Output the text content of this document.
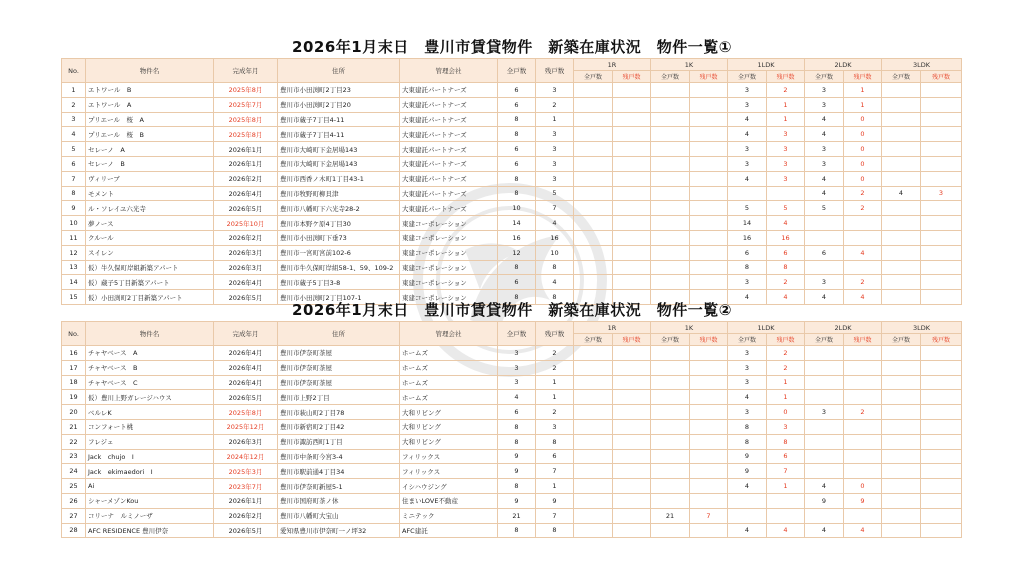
2026年1月末日　豊川市賃貸物件　新築在庫状況　物件一覧①
No.	物件名	完成年月	住所	管理会社	全戸数	残戸数	1R		1K		1LDK		2LDK		3LDK	
							全戸数	残戸数	全戸数	残戸数	全戸数	残戸数	全戸数	残戸数	全戸数	残戸数
1	エトワール　B	2025年8月	豊川市小田渕町2丁目23	大東建託パートナーズ	6	3					3	2	3	1		
2	エトワール　A	2025年7月	豊川市小田渕町2丁目20	大東建託パートナーズ	6	2					3	1	3	1		
3	プリエール　桜　A	2025年8月	豊川市蔵子7丁目4-11	大東建託パートナーズ	8	1					4	1	4	0		
4	プリエール　桜　B	2025年8月	豊川市蔵子7丁目4-11	大東建託パートナーズ	8	3					4	3	4	0		
5	セレーノ　A	2026年1月	豊川市大崎町下金居場143	大東建託パートナーズ	6	3					3	3	3	0		
6	セレーノ　B	2026年1月	豊川市大崎町下金居場143	大東建託パートナーズ	6	3					3	3	3	0		
7	ヴィリーブ	2026年2月	豊川市西香ノ木町1丁目43-1	大東建託パートナーズ	8	3					4	3	4	0		
8	モメント	2026年4月	豊川市牧野町柳貝津	大東建託パートナーズ	8	5							4	2	4	3
9	ル・ソレイユ六光寺	2026年5月	豊川市八幡町下六光寺28-2	大東建託パートナーズ	10	7					5	5	5	2		
10	夢ノース	2025年10月	豊川市本野ケ原4丁目30	東建コーポレーション	14	4					14	4				
11	クルール	2026年2月	豊川市小田渕町下垂73	東建コーポレーション	16	16					16	16				
12	スイレン	2026年3月	豊川市一宮町宮前102-6	東建コーポレーション	12	10					6	6	6	4		
13	仮）牛久保町岸組新築アパート	2026年3月	豊川市牛久保町岸組58-1、59、109-2	東建コーポレーション	8	8					8	8				
14	仮）蔵子5丁目新築アパート	2026年4月	豊川市蔵子5丁目3-8	東建コーポレーション	6	4					3	2	3	2		
15	仮）小田渕町2丁目新築アパート	2026年5月	豊川市小田渕町2丁目107-1	東建コーポレーション	8	8					4	4	4	4		
2026年1月末日　豊川市賃貸物件　新築在庫状況　物件一覧②
No.	物件名	完成年月	住所	管理会社	全戸数	残戸数	1R		1K		1LDK		2LDK		3LDK	
							全戸数	残戸数	全戸数	残戸数	全戸数	残戸数	全戸数	残戸数	全戸数	残戸数
16	チャヤベース　A	2026年4月	豊川市伊奈町茶屋	ホームズ	3	2					3	2				
17	チャヤベース　B	2026年4月	豊川市伊奈町茶屋	ホームズ	3	2					3	2				
18	チャヤベース　C	2026年4月	豊川市伊奈町茶屋	ホームズ	3	1					3	1				
19	仮）豊川上野ガレージハウス	2026年5月	豊川市上野2丁目	ホームズ	4	1					4	1				
20	ベルレK	2025年8月	豊川市萩山町2丁目78	大和リビング	6	2					3	0	3	2		
21	コンフォート桃	2025年12月	豊川市新宿町2丁目42	大和リビング	8	3					8	3				
22	フレジェ	2026年3月	豊川市諏訪西町1丁目	大和リビング	8	8					8	8				
23	Jack　chujo　Ⅰ	2024年12月	豊川市中条町今宮3-4	フィリックス	9	6					9	6				
24	Jack　ekimaedori　Ⅰ	2025年3月	豊川市駅前通4丁目34	フィリックス	9	7					9	7				
25	Ai	2023年7月	豊川市伊奈町新屋5-1	イシハウジング	8	1					4	1	4	0		
26	シャーメゾンKou	2026年1月	豊川市国府町茶ノ休	住まいLOVE不動産	9	9							9	9		
27	コリーナ　ルミノーザ	2026年2月	豊川市八幡町大宝山	ミニテック	21	7			21	7						
28	AFC RESIDENCE 豊川伊奈	2026年5月	愛知県豊川市伊奈町一ノ坪32	AFC建託	8	8					4	4	4	4		
